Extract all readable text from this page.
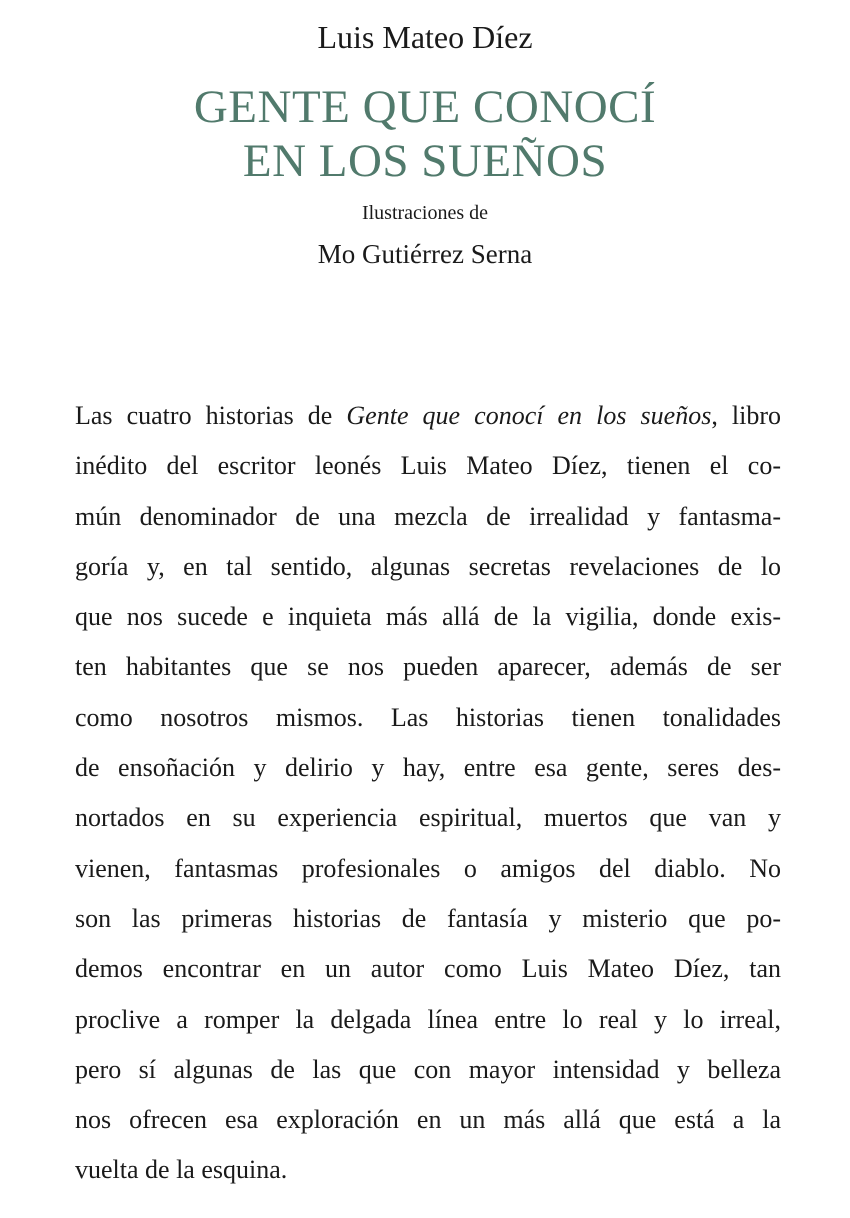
Luis Mateo Díez
GENTE QUE CONOCÍ
EN LOS SUEÑOS
Ilustraciones de
Mo Gutiérrez Serna
Las cuatro historias de Gente que conocí en los sueños, libro
inédito del escritor leonés Luis Mateo Díez, tienen el co-
mún denominador de una mezcla de irrealidad y fantasma-
goría y, en tal sentido, algunas secretas revelaciones de lo
que nos sucede e inquieta más allá de la vigilia, donde exis-
ten habitantes que se nos pueden aparecer, además de ser
como nosotros mismos. Las historias tienen tonalidades
de ensoñación y delirio y hay, entre esa gente, seres des-
nortados en su experiencia espiritual, muertos que van y
vienen, fantasmas profesionales o amigos del diablo. No
son las primeras historias de fantasía y misterio que po-
demos encontrar en un autor como Luis Mateo Díez, tan
proclive a romper la delgada línea entre lo real y lo irreal,
pero sí algunas de las que con mayor intensidad y belleza
nos ofrecen esa exploración en un más allá que está a la
vuelta de la esquina.
